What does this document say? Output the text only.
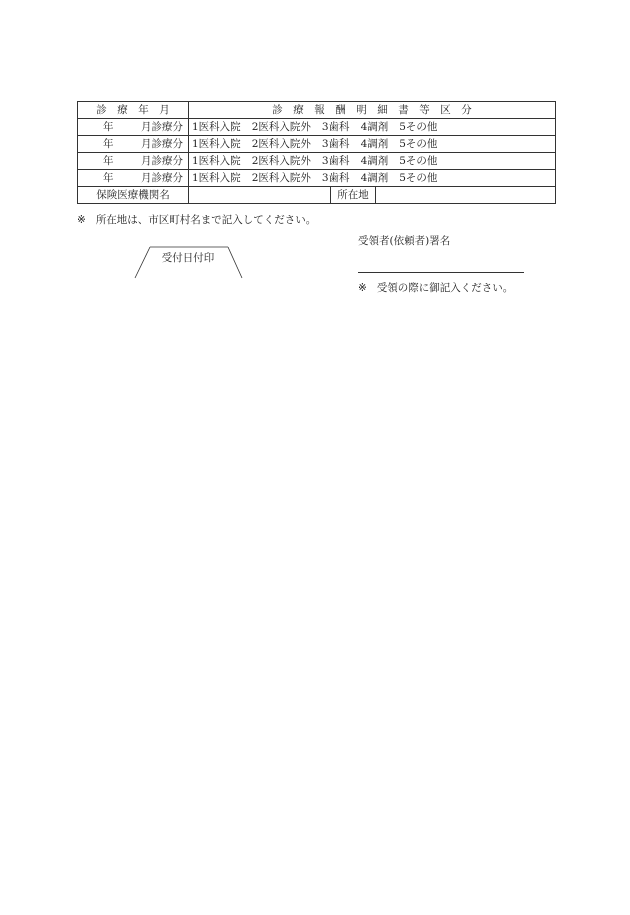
診　療　年　月	診　療　報　酬　明　細　書　等　区　分

年 月診療分	1医科入院 2医科入院外 3歯科 4調剤 5その他

年 月診療分	1医科入院 2医科入院外 3歯科 4調剤 5その他

年 月診療分	1医科入院 2医科入院外 3歯科 4調剤 5その他

年 月診療分	1医科入院 2医科入院外 3歯科 4調剤 5その他
保険医療機関名	所在地
※ 所在地は、市区町村名まで記入してください。
受付日付印
受領者(依頼者)署名
※ 受領の際に御記入ください。
